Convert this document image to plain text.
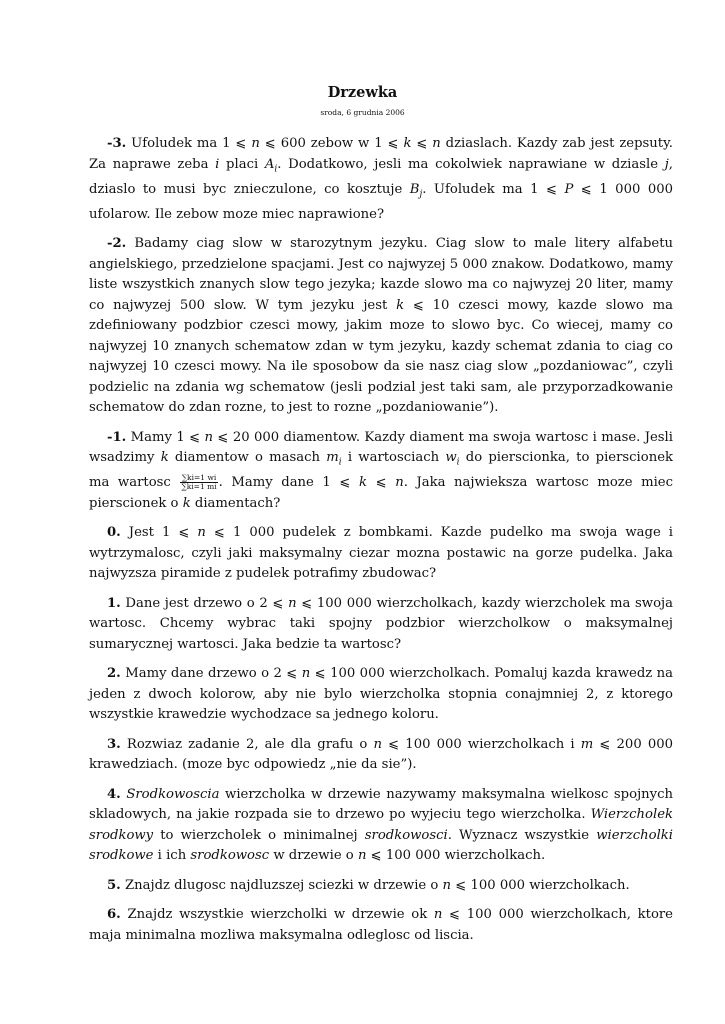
Drzewka

sroda, 6 grudnia 2006

-3. Ufoludek ma 1 ⩽ n ⩽ 600 zebow w 1 ⩽ k ⩽ n dziaslach. Kazdy zab jest zepsuty. Za naprawe zeba i placi $A_i$. Dodatkowo, jesli ma cokolwiek naprawiane w dziasle j, dziaslo to musi byc znieczulone, co kosztuje $B_j$. Ufoludek ma 1 ⩽ P ⩽ 1 000 000 ufolarow. Ile zebow moze miec naprawione?

-2. Badamy ciag slow w starozytnym jezyku. Ciag slow to male litery alfabetu angielskiego, przedzielone spacjami. Jest co najwyzej 5 000 znakow. Dodatkowo, mamy liste wszystkich znanych slow tego jezyka; kazde slowo ma co najwyzej 20 liter, mamy co najwyzej 500 slow. W tym jezyku jest k ⩽ 10 czesci mowy, kazde slowo ma zdefiniowany podzbior czesci mowy, jakim moze to slowo byc. Co wiecej, mamy co najwyzej 10 znanych schematow zdan w tym jezyku, kazdy schemat zdania to ciag co najwyzej 10 czesci mowy. Na ile sposobow da sie nasz ciag slow „pozdaniowac”, czyli podzielic na zdania wg schematow (jesli podzial jest taki sam, ale przyporzadkowanie schematow do zdan rozne, to jest to rozne „pozdaniowanie”).

-1. Mamy 1 ⩽ n ⩽ 20 000 diamentow. Kazdy diament ma swoja wartosc i mase. Jesli wsadzimy k diamentow o masach $m_i$ i wartosciach $w_i$ do pierscionka, to pierscionek ma wartosc $\frac{\sum ki=1 wi}{\sum ki=1 mi}$ . Mamy dane 1 ⩽ k ⩽ n. Jaka najwieksza wartosc moze miec pierscionek o k diamentach?

0. Jest 1 ⩽ n ⩽ 1 000 pudelek z bombkami. Kazde pudelko ma swoja wage i wytrzymalosc, czyli jaki maksymalny ciezar mozna postawic na gorze pudelka. Jaka najwyzsza piramide z pudelek potrafimy zbudowac?

1. Dane jest drzewo o 2 ⩽ n ⩽ 100 000 wierzcholkach, kazdy wierzcholek ma swoja wartosc. Chcemy wybrac taki spojny podzbior wierzcholkow o maksymalnej sumarycznej wartosci. Jaka bedzie ta wartosc?

2. Mamy dane drzewo o 2 ⩽ n ⩽ 100 000 wierzcholkach. Pomaluj kazda krawedz na jeden z dwoch kolorow, aby nie bylo wierzcholka stopnia conajmniej 2, z ktorego wszystkie krawedzie wychodzace sa jednego koloru.

3. Rozwiaz zadanie 2, ale dla grafu o n ⩽ 100 000 wierzcholkach i m ⩽ 200 000 krawedziach. (moze byc odpowiedz „nie da sie”).

4. Srodkowoscia wierzcholka w drzewie nazywamy maksymalna wielkosc spojnych skladowych, na jakie rozpada sie to drzewo po wyjeciu tego wierzcholka. Wierzcholek srodkowy to wierzcholek o minimalnej srodkowosci. Wyznacz wszystkie wierzcholki srodkowe i ich srodkowosc w drzewie o n ⩽ 100 000 wierzcholkach.

5. Znajdz dlugosc najdluzszej sciezki w drzewie o n ⩽ 100 000 wierzcholkach.

6. Znajdz wszystkie wierzcholki w drzewie ok n ⩽ 100 000 wierzcholkach, ktore maja minimalna mozliwa maksymalna odleglosc od liscia.
